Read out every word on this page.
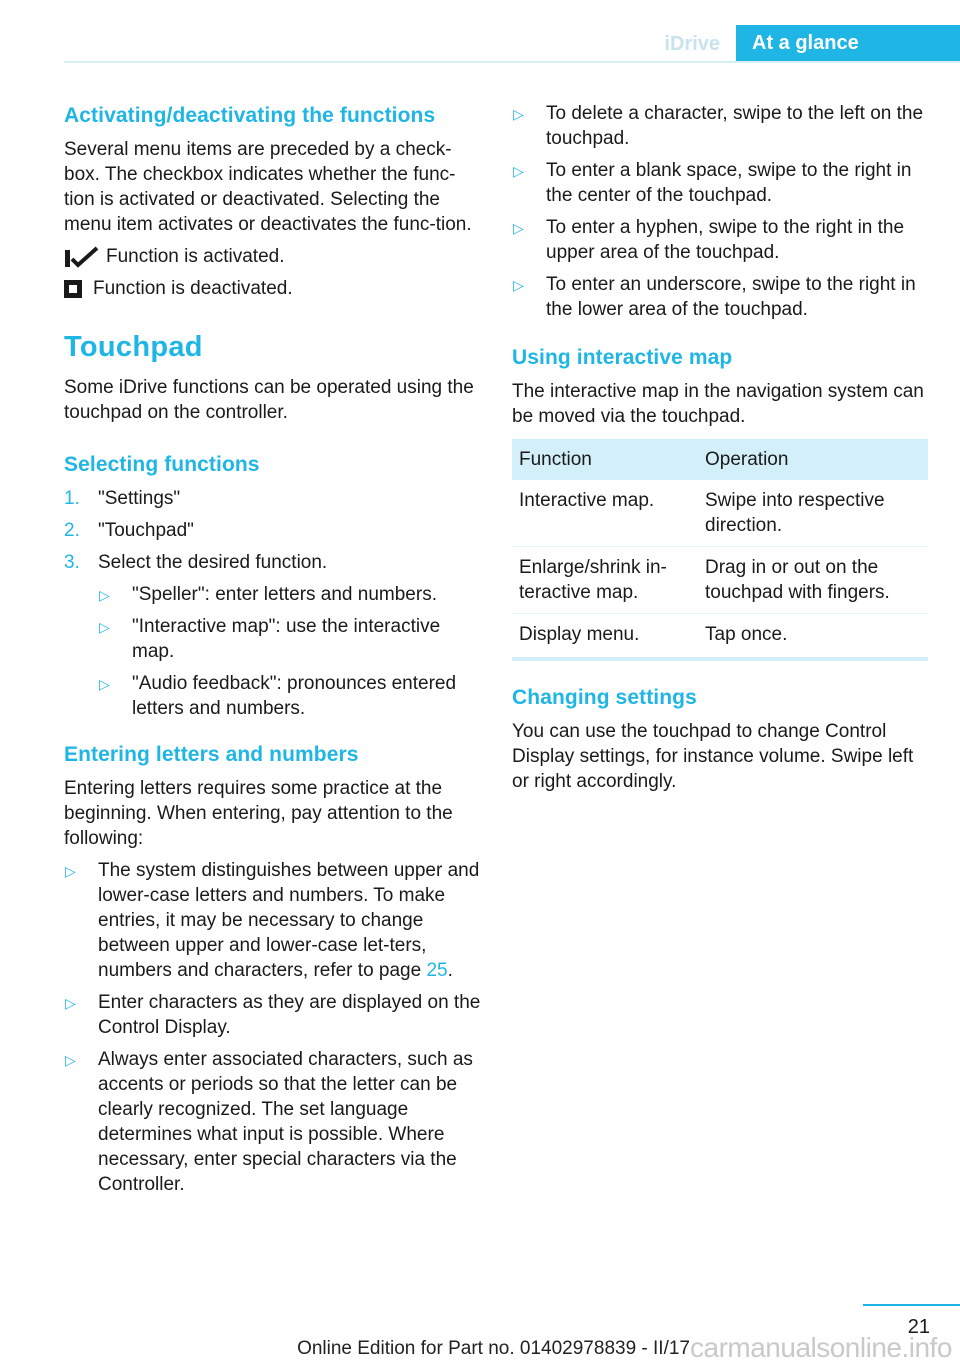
iDrive	At a glance
Activating/deactivating the functions

Several menu items are preceded by a check-box. The checkbox indicates whether the func-tion is activated or deactivated. Selecting the menu item activates or deactivates the func-tion.

Function is activated.
Function is deactivated.
Touchpad

Some iDrive functions can be operated using the touchpad on the controller.

Selecting functions
1. "Settings"
2. "Touchpad"
3. Select the desired function.
▷ "Speller": enter letters and numbers.
▷ "Interactive map": use the interactive map.
▷ "Audio feedback": pronounces entered letters and numbers.
Entering letters and numbers

Entering letters requires some practice at the beginning. When entering, pay attention to the following:

▷ The system distinguishes between upper and lower-case letters and numbers. To make entries, it may be necessary to change between upper and lower-case let-ters, numbers and characters, refer to page 25.
▷ Enter characters as they are displayed on the Control Display.
▷ Always enter associated characters, such as accents or periods so that the letter can be clearly recognized. The set language determines what input is possible. Where necessary, enter special characters via the Controller.
▷ To delete a character, swipe to the left on the touchpad.
▷ To enter a blank space, swipe to the right in the center of the touchpad.
▷ To enter a hyphen, swipe to the right in the upper area of the touchpad.
▷ To enter an underscore, swipe to the right in the lower area of the touchpad.
Using interactive map

The interactive map in the navigation system can be moved via the touchpad.

Function	Operation
Interactive map.	Swipe into respective direction.
Enlarge/shrink in-teractive map.	Drag in or out on the touchpad with fingers.
Display menu.	Tap once.
Changing settings

You can use the touchpad to change Control Display settings, for instance volume. Swipe left or right accordingly.

21
Online Edition for Part no. 01402978839 - II/17 carmanualsonline.info
